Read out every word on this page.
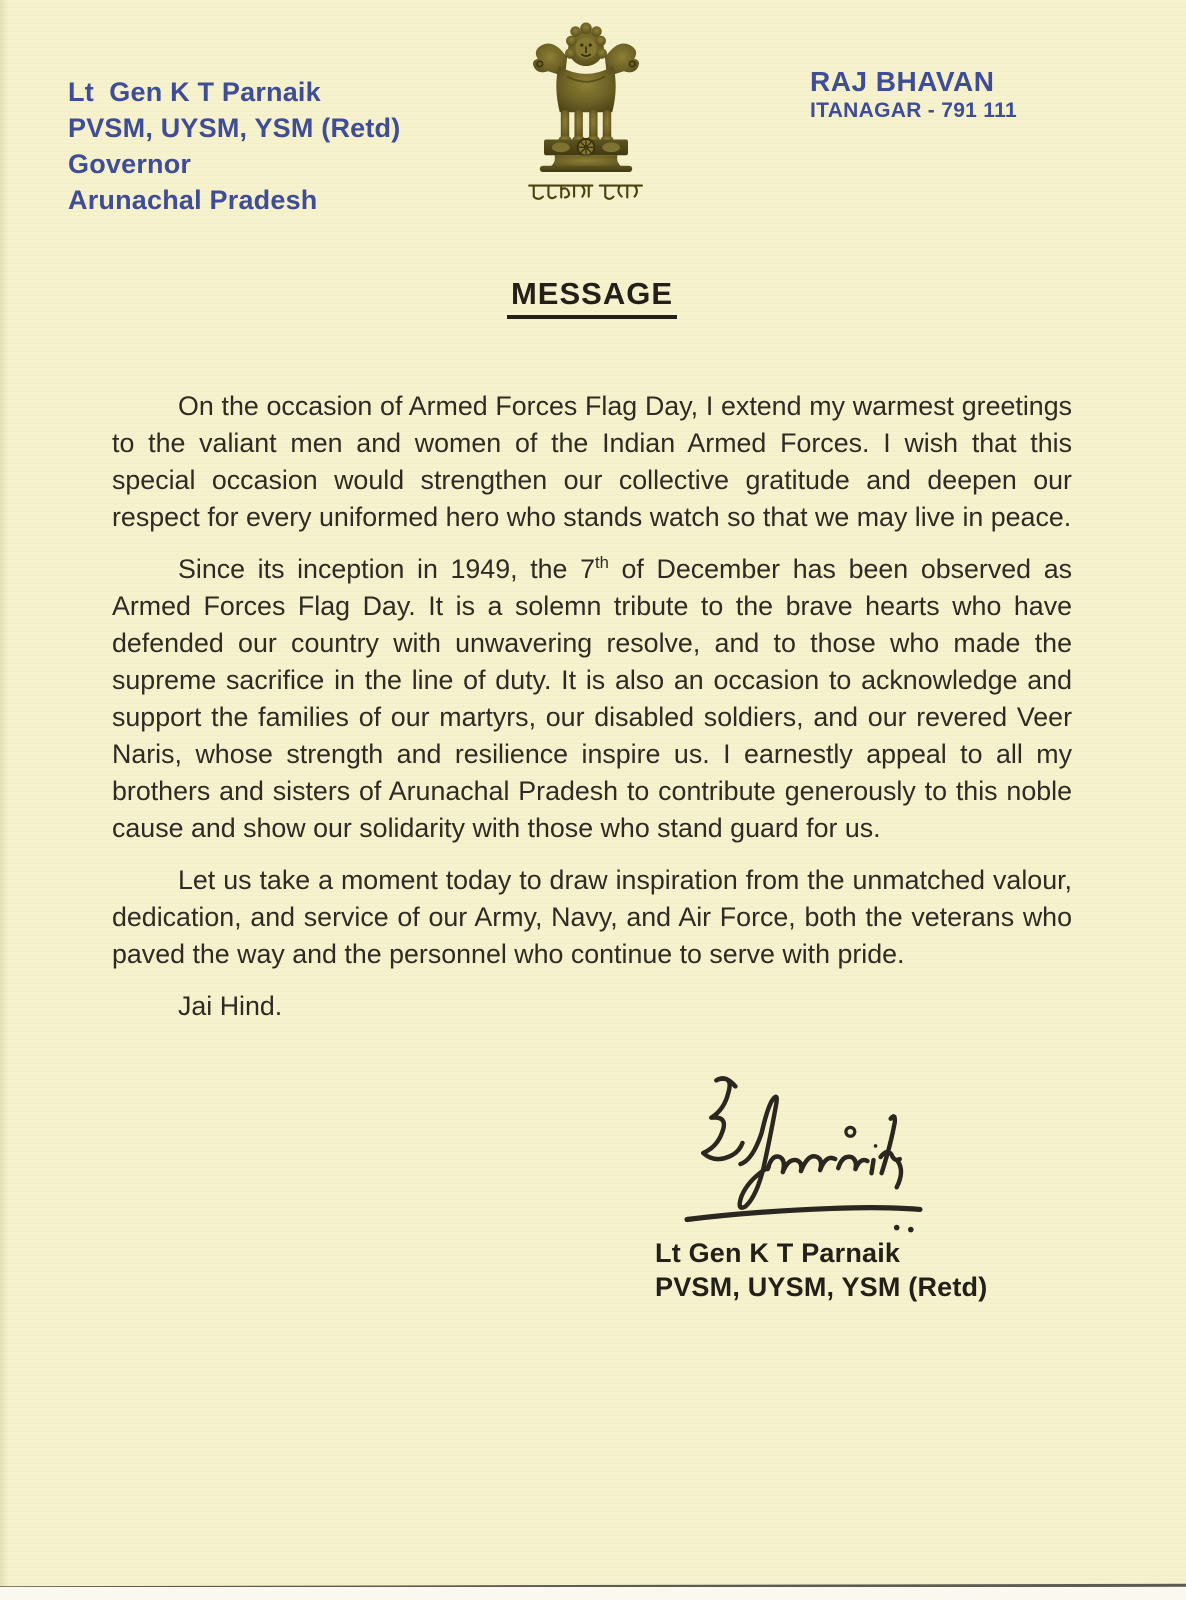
Lt  Gen K T Parnaik
PVSM, UYSM, YSM (Retd)
Governor
Arunachal Pradesh
RAJ BHAVAN
ITANAGAR - 791 111
MESSAGE

On the occasion of Armed Forces Flag Day, I extend my warmest greetings to the valiant men and women of the Indian Armed Forces. I wish that this special occasion would strengthen our collective gratitude and deepen our respect for every uniformed hero who stands watch so that we may live in peace.

Since its inception in 1949, the 7th of December has been observed as Armed Forces Flag Day. It is a solemn tribute to the brave hearts who have defended our country with unwavering resolve, and to those who made the supreme sacrifice in the line of duty. It is also an occasion to acknowledge and support the families of our martyrs, our disabled soldiers, and our revered Veer Naris, whose strength and resilience inspire us. I earnestly appeal to all my brothers and sisters of Arunachal Pradesh to contribute generously to this noble cause and show our solidarity with those who stand guard for us.

Let us take a moment today to draw inspiration from the unmatched valour, dedication, and service of our Army, Navy, and Air Force, both the veterans who paved the way and the personnel who continue to serve with pride.

Jai Hind.

Lt Gen K T Parnaik
PVSM, UYSM, YSM (Retd)
